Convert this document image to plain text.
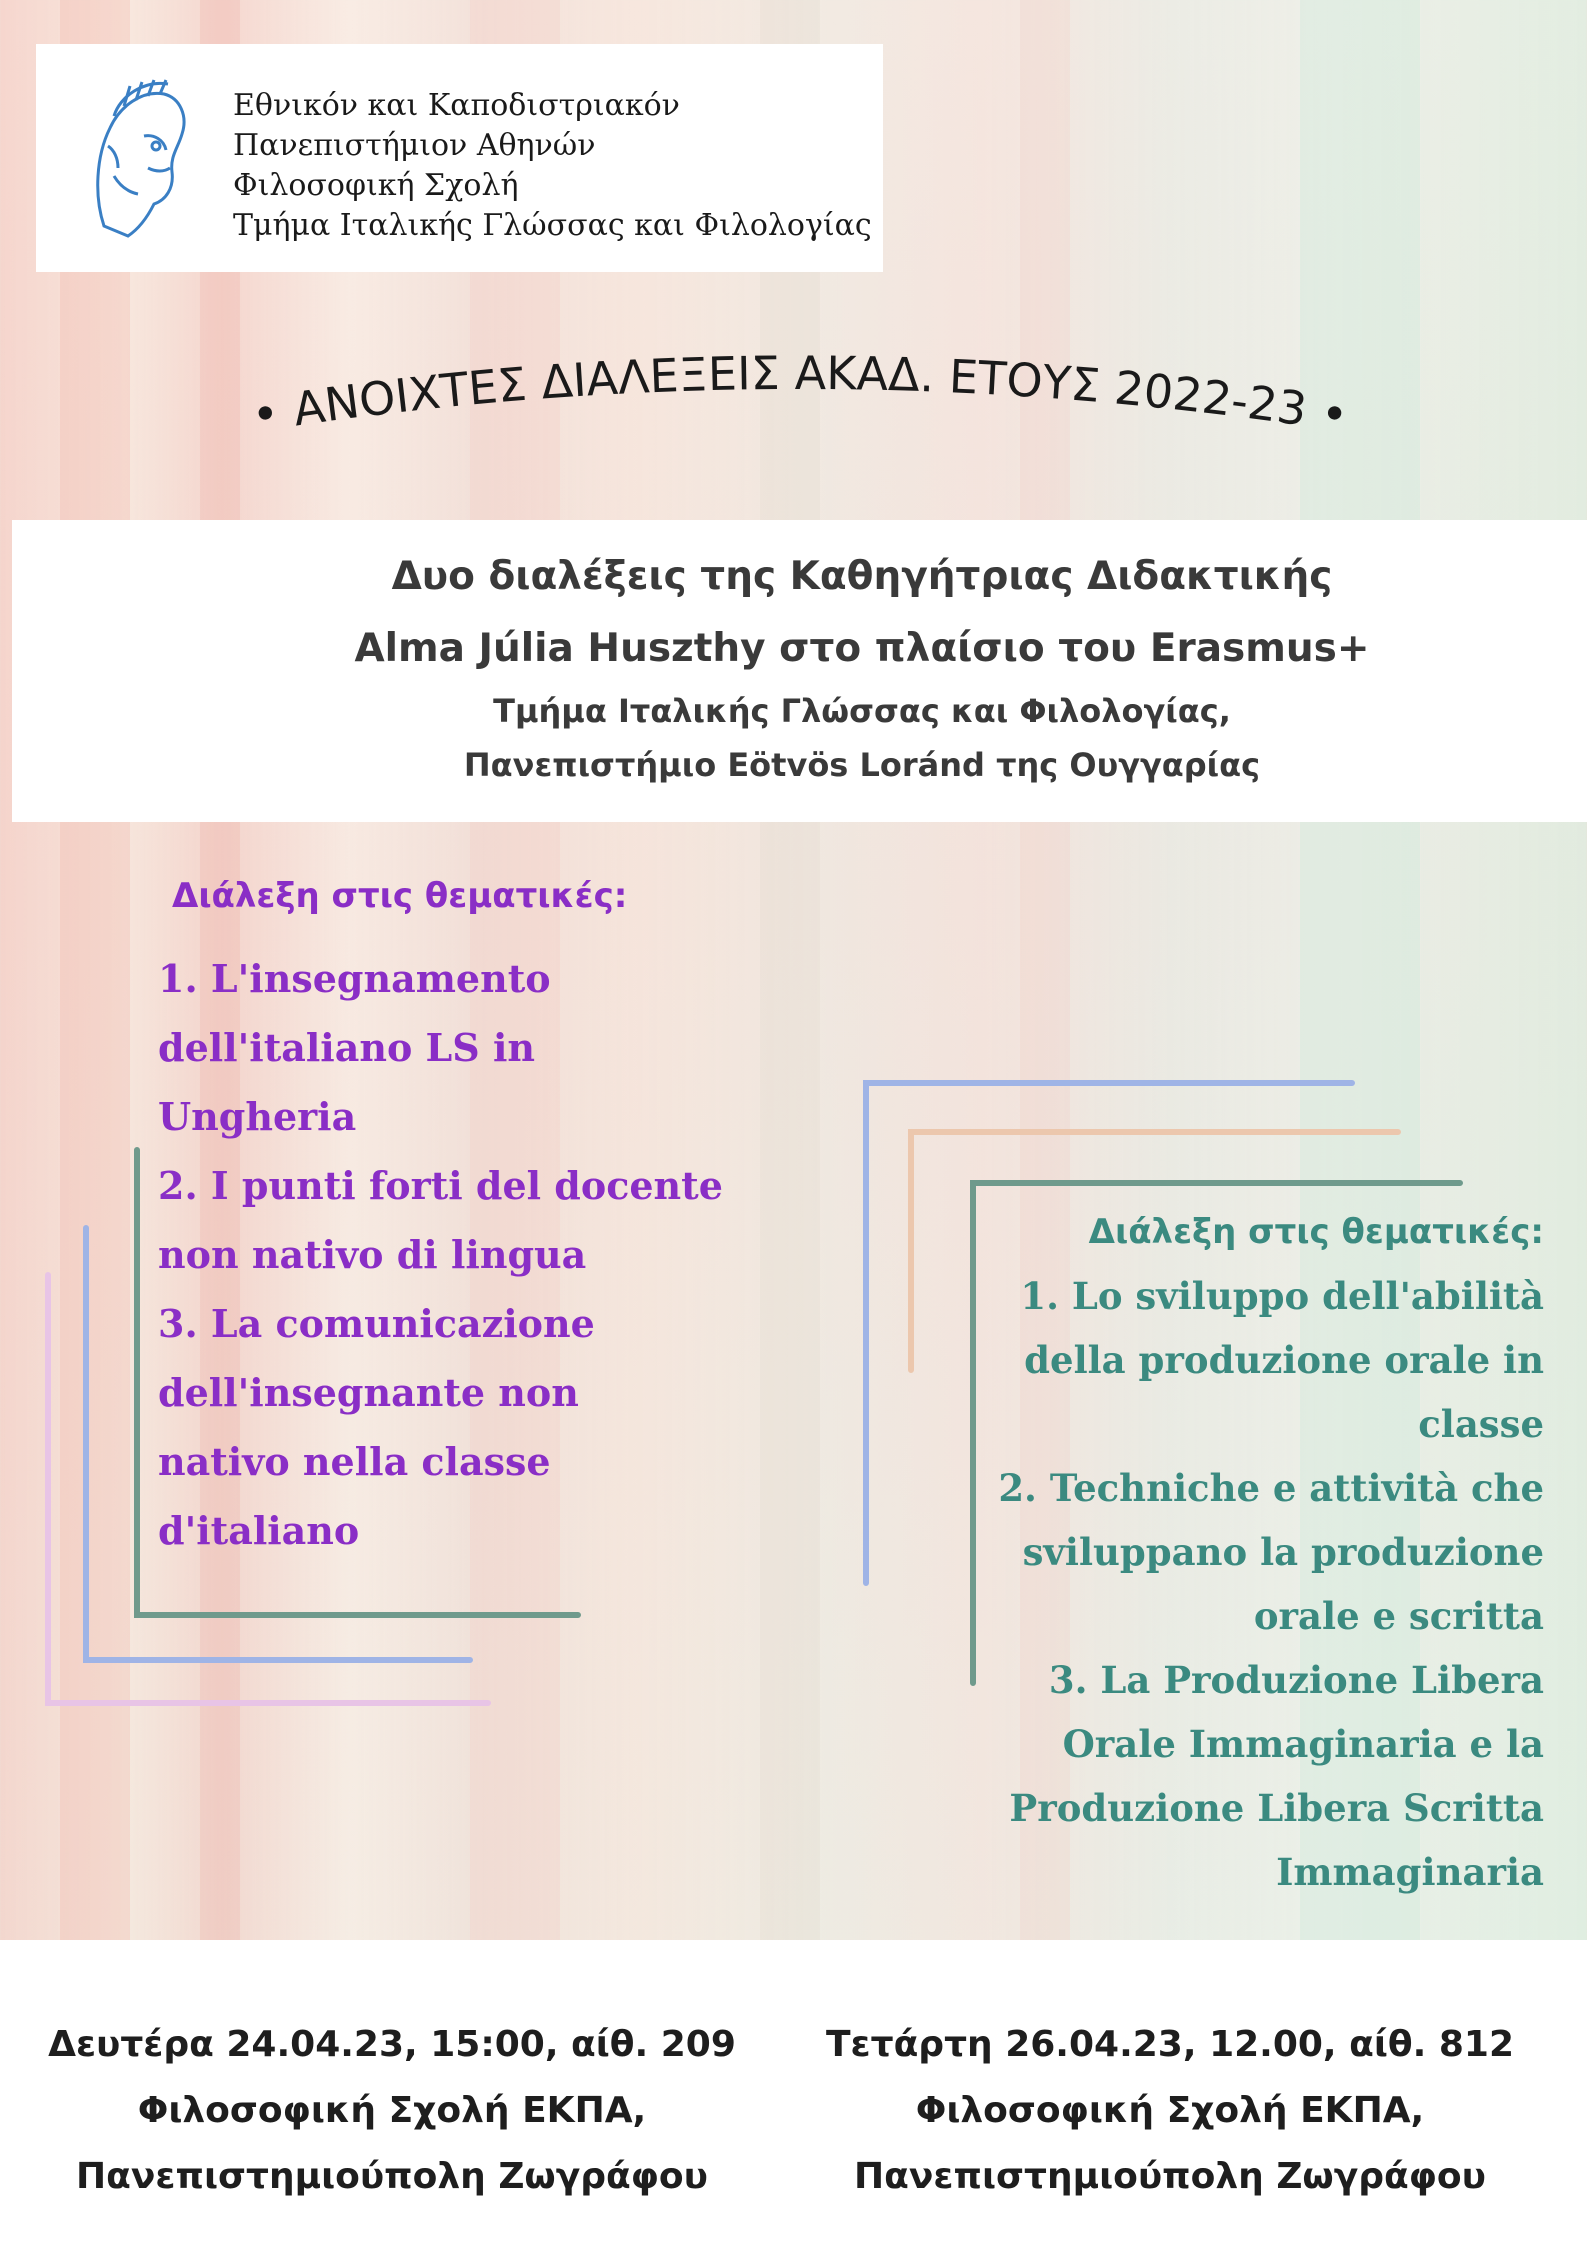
Εθνικόν και Καποδιστριακόν
Πανεπιστήμιον Αθηνών
Φιλοσοφική Σχολή
Τμήμα Ιταλικής Γλώσσας και Φιλολογίας
• ΑΝΟΙΧΤΕΣ ΔΙΑΛΕΞΕΙΣ ΑΚΑΔ. ΕΤΟΥΣ 2022-23 •
Δυο διαλέξεις της Καθηγήτριας Διδακτικής
Alma Júlia Huszthy στο πλαίσιο του Erasmus+
Τμήμα Ιταλικής Γλώσσας και Φιλολογίας,
Πανεπιστήμιο Eötvös Loránd της Ουγγαρίας
Διάλεξη στις θεματικές:
1. L'insegnamento
dell'italiano LS in
Ungheria
2. I punti forti del docente
non nativo di lingua
3. La comunicazione
dell'insegnante non
nativo nella classe
d'italiano
Διάλεξη στις θεματικές:
1. Lo sviluppo dell'abilità
della produzione orale in
classe
2. Techniche e attività che
sviluppano la produzione
orale e scritta
3. La Produzione Libera
Orale Immaginaria e la
Produzione Libera Scritta
Immaginaria
Δευτέρα 24.04.23, 15:00, αίθ. 209
Φιλοσοφική Σχολή ΕΚΠΑ,
Πανεπιστημιούπολη Ζωγράφου
Τετάρτη 26.04.23, 12.00, αίθ. 812
Φιλοσοφική Σχολή ΕΚΠΑ,
Πανεπιστημιούπολη Ζωγράφου
